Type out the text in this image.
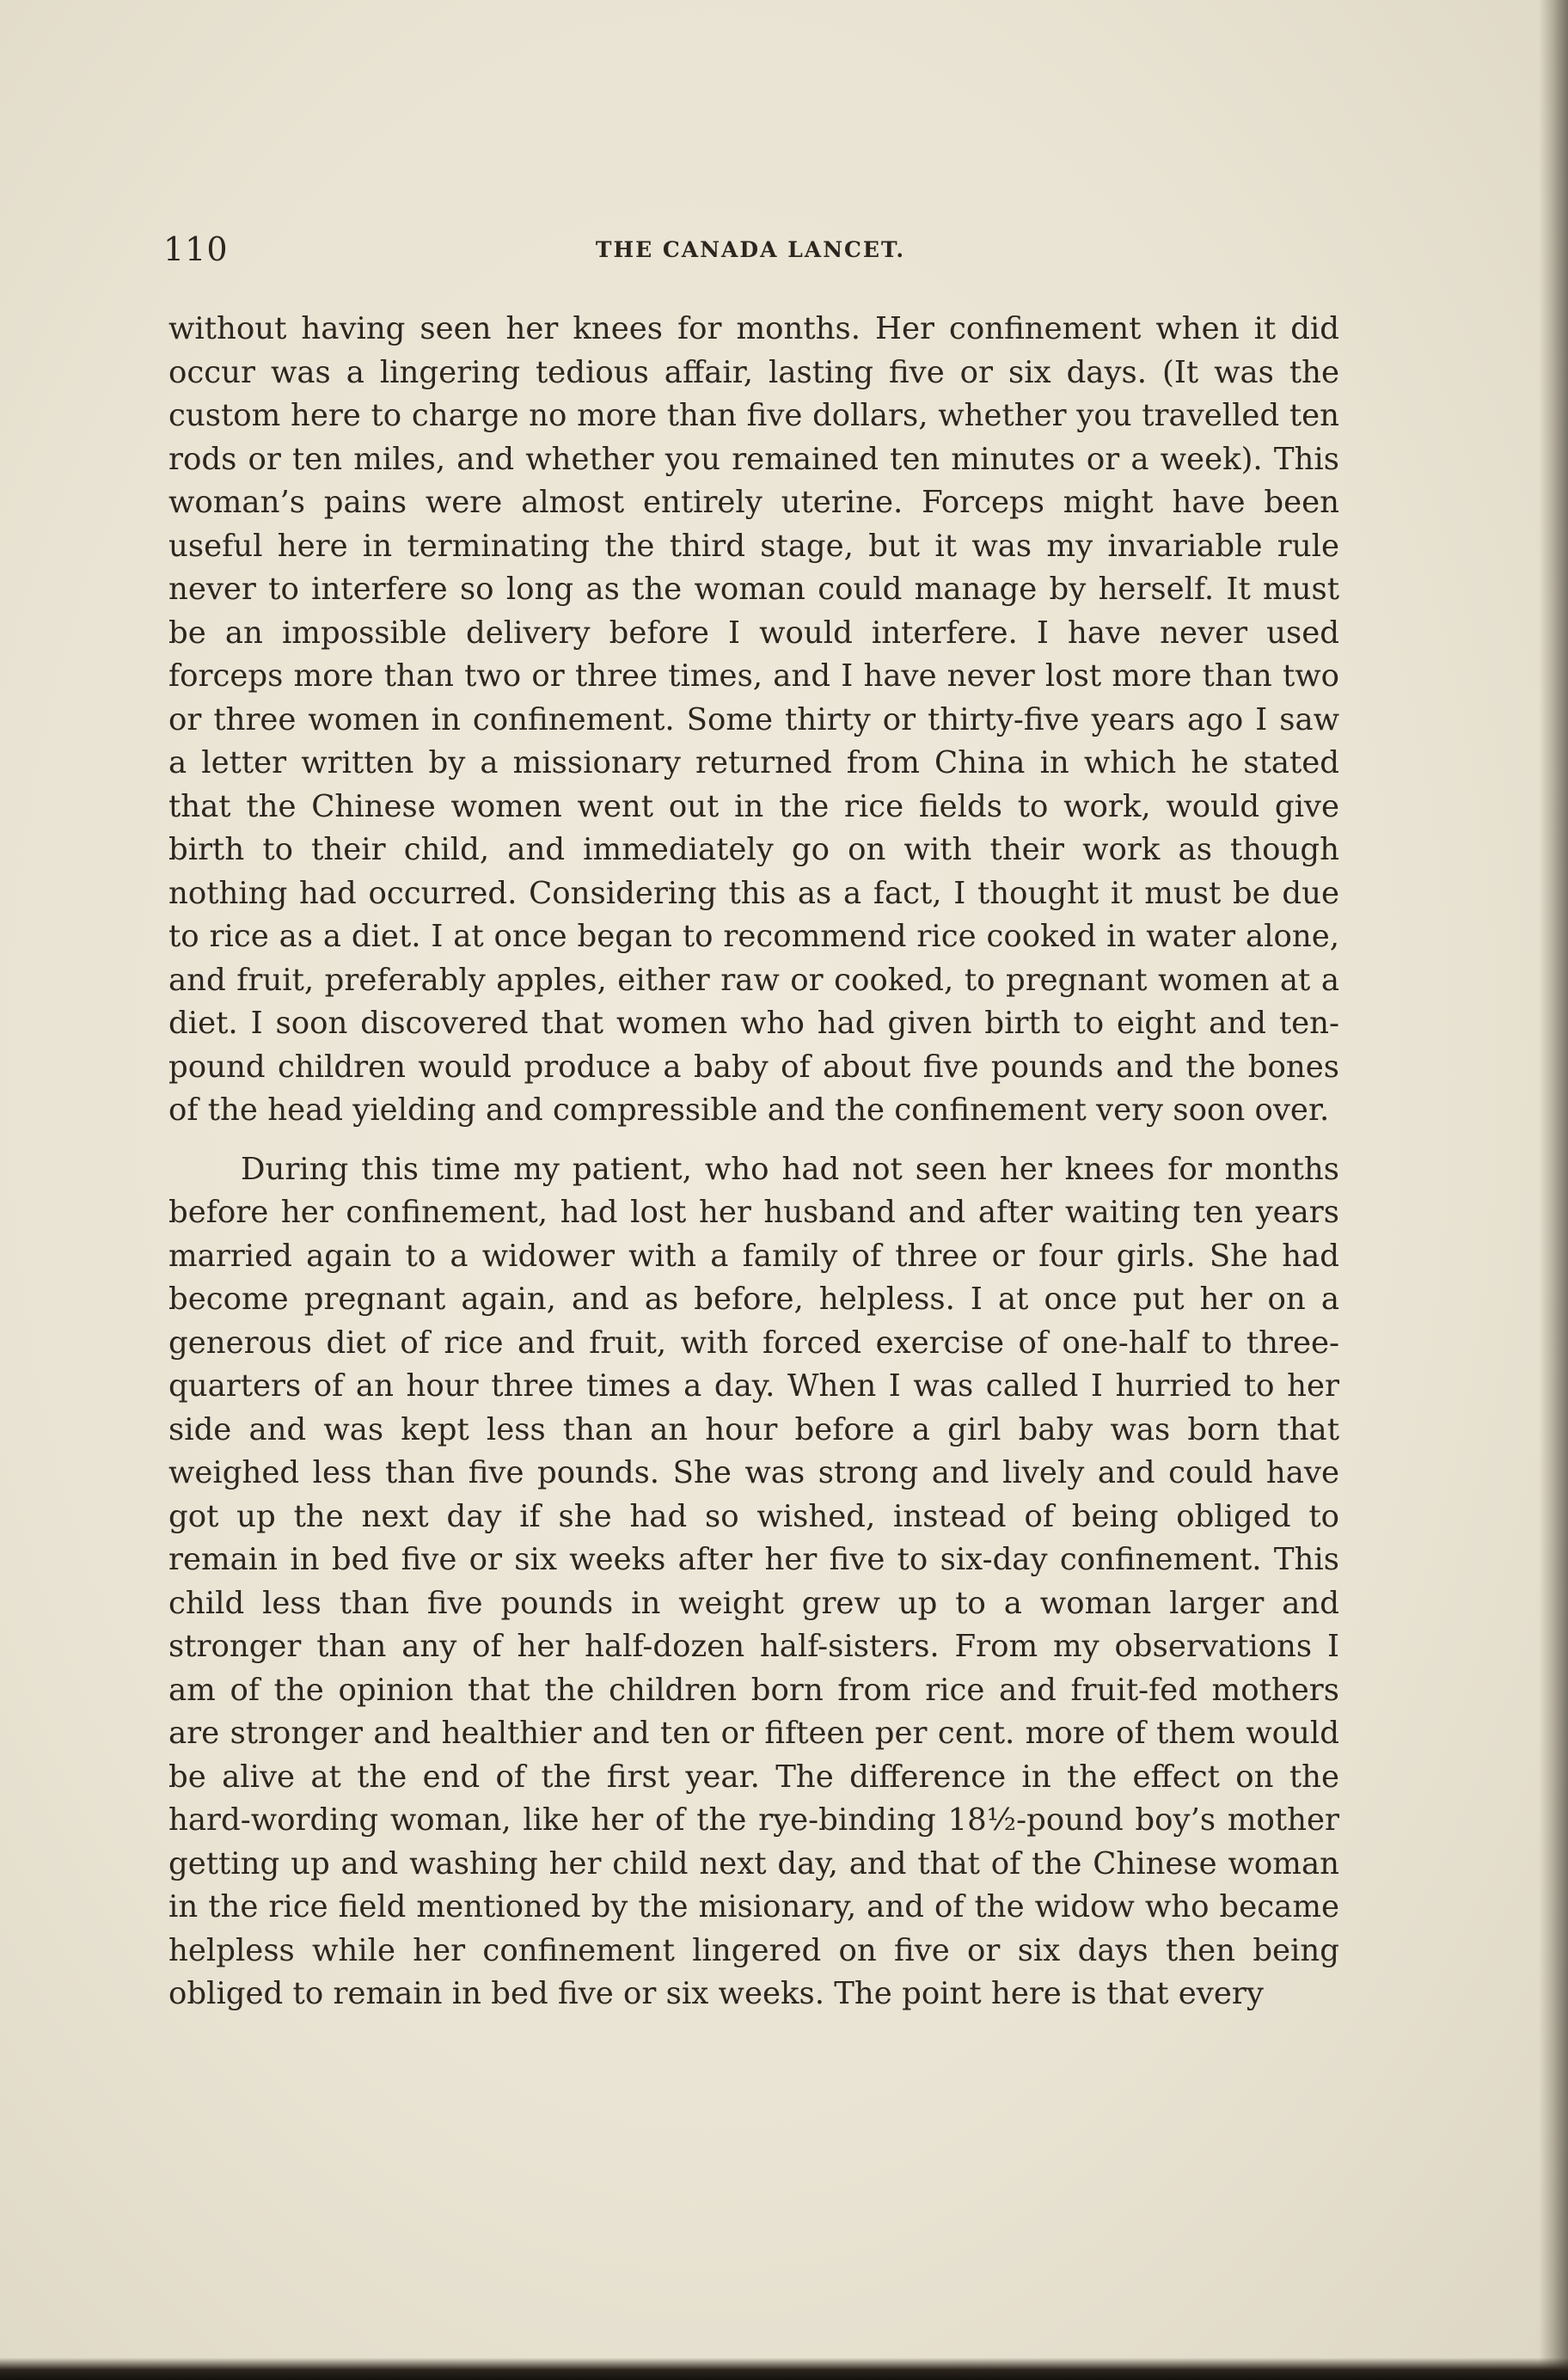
110	THE CANADA LANCET.

without having seen her knees for months. Her confinement when it did occur was a lingering tedious affair, lasting five or six days. (It was the custom here to charge no more than five dollars, whether you travelled ten rods or ten miles, and whether you remained ten minutes or a week). This woman’s pains were almost entirely uterine. Forceps might have been useful here in terminating the third stage, but it was my invariable rule never to interfere so long as the woman could manage by herself. It must be an impossible delivery before I would interfere. I have never used forceps more than two or three times, and I have never lost more than two or three women in confinement. Some thirty or thirty-five years ago I saw a letter written by a missionary returned from China in which he stated that the Chinese women went out in the rice fields to work, would give birth to their child, and immediately go on with their work as though nothing had occurred. Considering this as a fact, I thought it must be due to rice as a diet. I at once began to recommend rice cooked in water alone, and fruit, preferably apples, either raw or cooked, to pregnant women at a diet. I soon discovered that women who had given birth to eight and ten-pound children would produce a baby of about five pounds and the bones of the head yielding and compressible and the confinement very soon over.

During this time my patient, who had not seen her knees for months before her confinement, had lost her husband and after waiting ten years married again to a widower with a family of three or four girls. She had become pregnant again, and as before, helpless. I at once put her on a generous diet of rice and fruit, with forced exercise of one-half to three-quarters of an hour three times a day. When I was called I hurried to her side and was kept less than an hour before a girl baby was born that weighed less than five pounds. She was strong and lively and could have got up the next day if she had so wished, instead of being obliged to remain in bed five or six weeks after her five to six-day confinement. This child less than five pounds in weight grew up to a woman larger and stronger than any of her half-dozen half-sisters. From my observations I am of the opinion that the children born from rice and fruit-fed mothers are stronger and healthier and ten or fifteen per cent. more of them would be alive at the end of the first year. The difference in the effect on the hard-wording woman, like her of the rye-binding 18½-pound boy’s mother getting up and washing her child next day, and that of the Chinese woman in the rice field mentioned by the misionary, and of the widow who became helpless while her confinement lingered on five or six days then being obliged to remain in bed five or six weeks. The point here is that every
